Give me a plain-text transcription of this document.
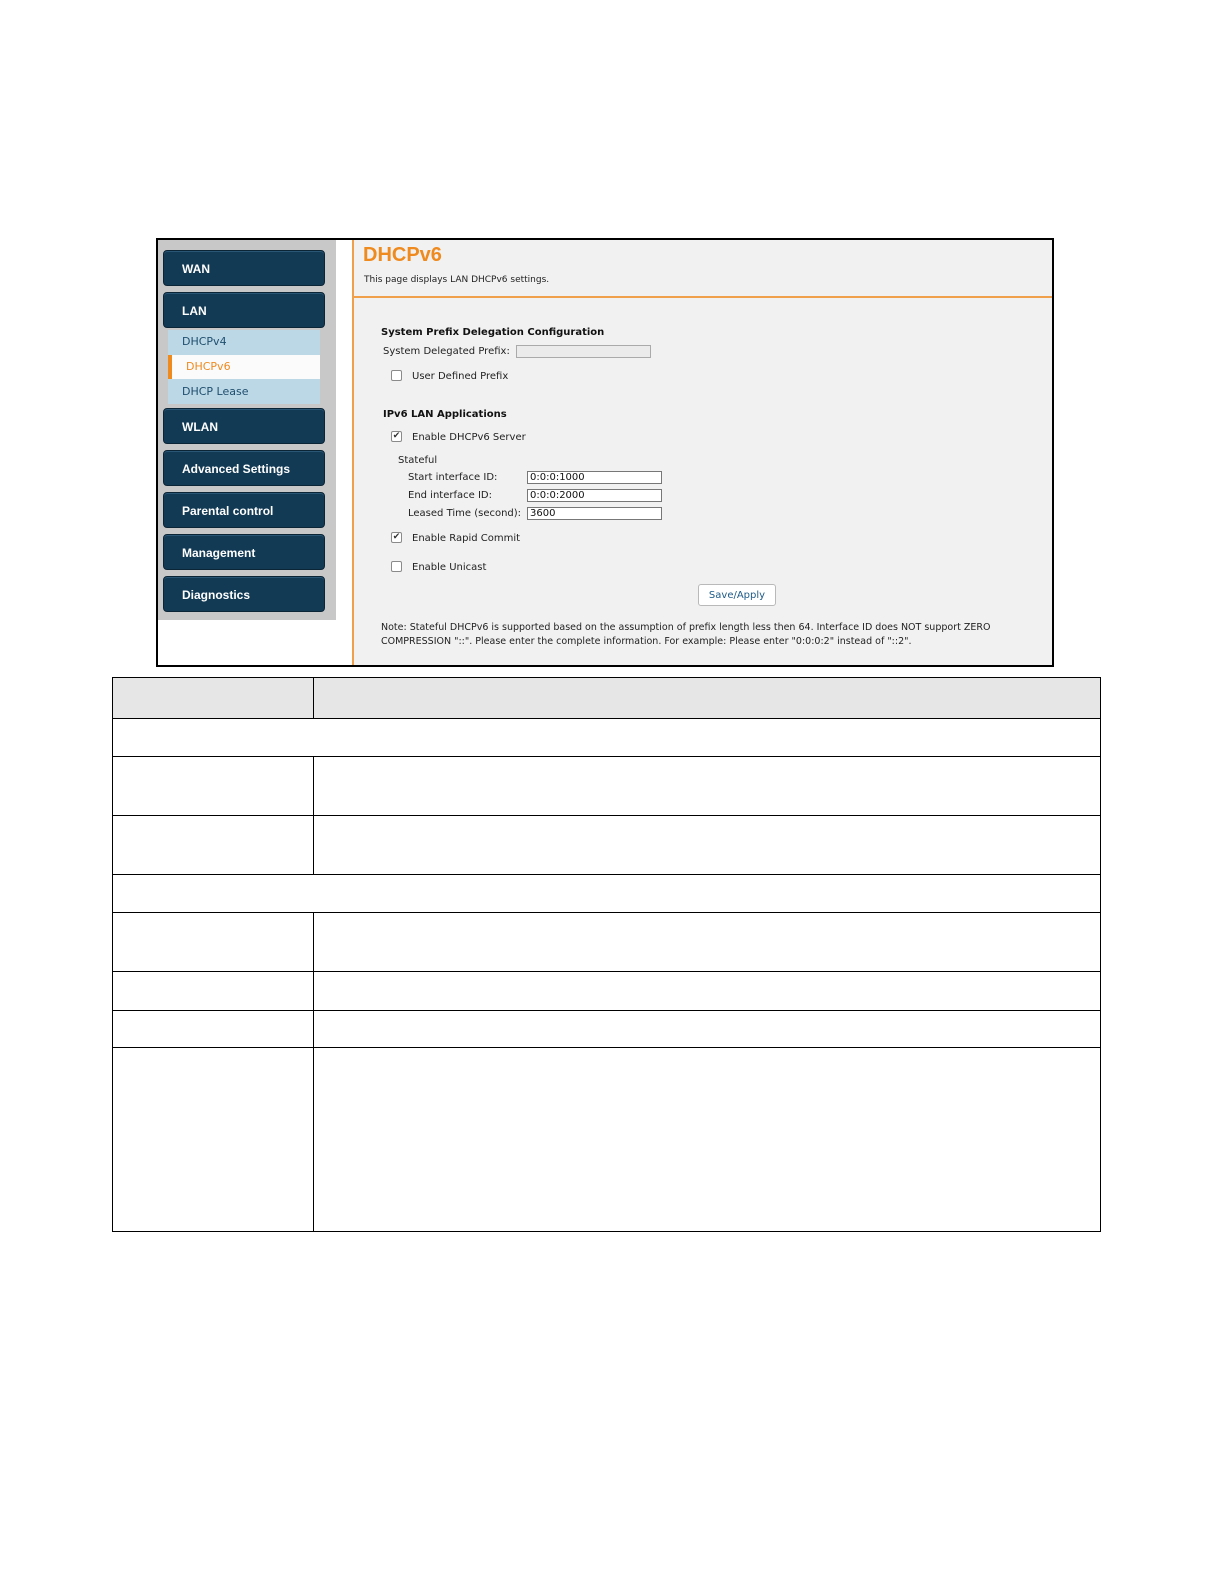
WAN
LAN
DHCPv4
DHCPv6
DHCP Lease
WLAN
Advanced Settings
Parental control
Management
Diagnostics
DHCPv6
This page displays LAN DHCPv6 settings.
System Prefix Delegation Configuration
System Delegated Prefix:
User Defined Prefix
IPv6 LAN Applications
✔ Enable DHCPv6 Server
Stateful
Start interface ID:
0:0:0:1000
End interface ID:
0:0:0:2000
Leased Time (second):
3600
✔ Enable Rapid Commit
Enable Unicast
Save/Apply
Note: Stateful DHCPv6 is supported based on the assumption of prefix length less then 64. Interface ID does NOT support ZERO COMPRESSION "::". Please enter the complete information. For example: Please enter "0:0:0:2" instead of "::2".
